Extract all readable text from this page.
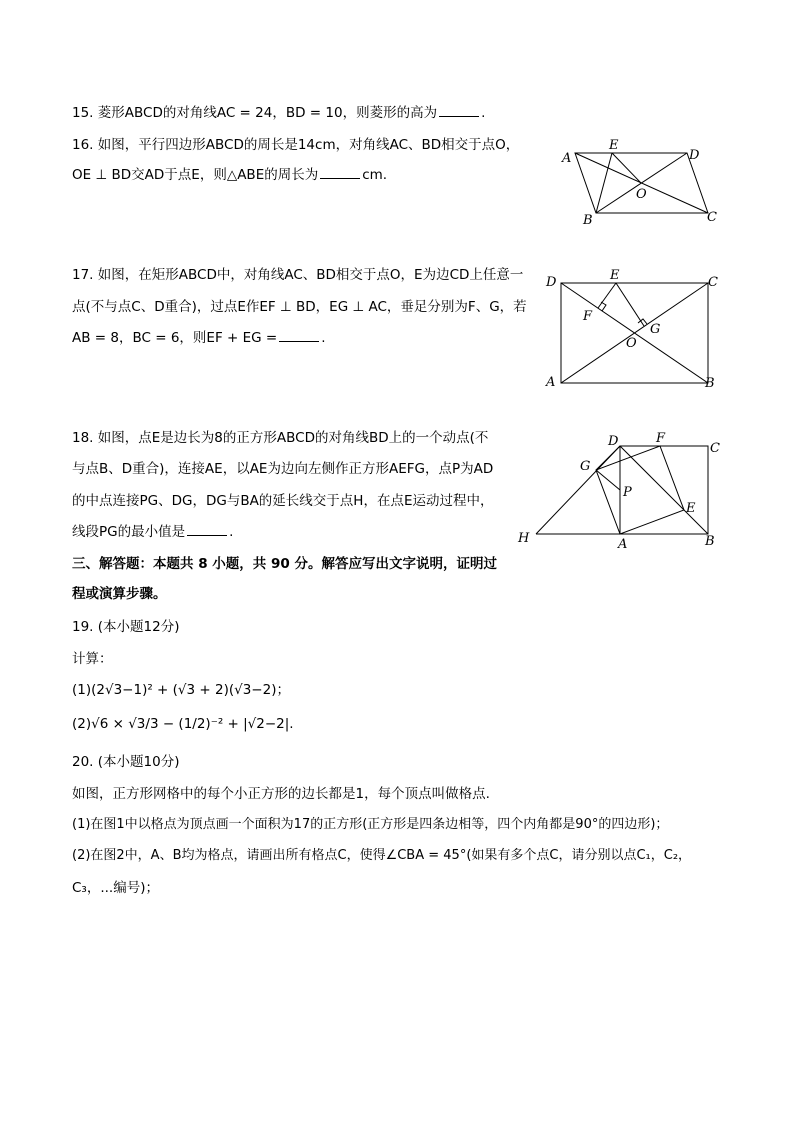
15. 菱形ABCD的对角线AC = 24，BD = 10，则菱形的高为	.
16. 如图，平行四边形ABCD的周长是14cm，对角线AC、BD相交于点O，
OE ⊥ BD交AD于点E，则△ABE的周长为	cm.
A
E
D
O
B	C
17. 如图，在矩形ABCD中，对角线AC、BD相交于点O，E为边CD上任意一
点(不与点C、D重合)，过点E作EF ⊥ BD，EG ⊥ AC，垂足分别为F、G，若
AB = 8，BC = 6，则EF + EG =	.
D	E	C
F
G
O
A	B
18. 如图，点E是边长为8的正方形ABCD的对角线BD上的一个动点(不
与点B、D重合)，连接AE，以AE为边向左侧作正方形AEFG，点P为AD
的中点连接PG、DG，DG与BA的延长线交于点H，在点E运动过程中，
线段PG的最小值是	.
D	F
C
G
P
E
H	A	B
三、解答题：本题共 8 小题，共 90 分。解答应写出文字说明，证明过
程或演算步骤。
19. (本小题12分)
计算：
(1)(2√3−1)² + (√3 + 2)(√3−2)；
(2)√6 × √3/3 − (1/2)⁻² + |√2−2|.
20. (本小题10分)
如图，正方形网格中的每个小正方形的边长都是1，每个顶点叫做格点.
(1)在图1中以格点为顶点画一个面积为17的正方形(正方形是四条边相等，四个内角都是90°的四边形)；
(2)在图2中，A、B均为格点，请画出所有格点C，使得∠CBA = 45°(如果有多个点C，请分别以点C₁，C₂，
C₃，...编号)；
